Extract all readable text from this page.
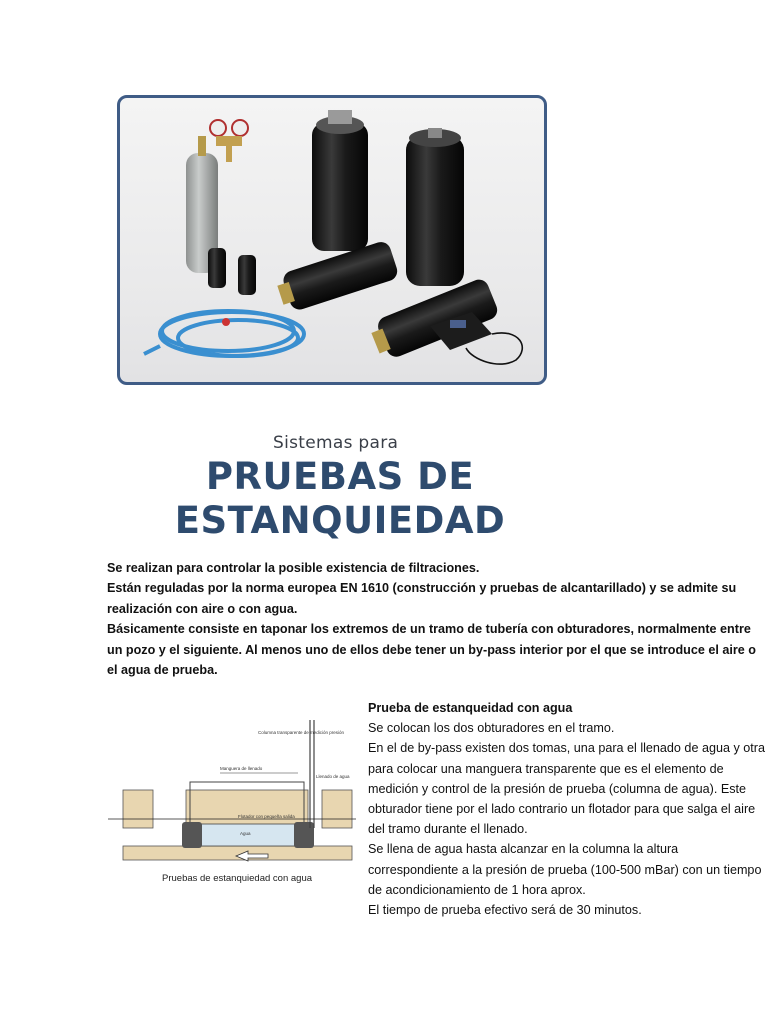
Sistemas para
PRUEBAS DE
ESTANQUIEDAD

Se realizan para controlar la posible existencia de filtraciones.

Están reguladas por la norma europea EN 1610 (construcción y pruebas de alcantarillado) y se admite su realización con aire o con agua.

Básicamente consiste en taponar los extremos de un tramo de tubería con obturadores, normalmente entre un pozo y el siguiente. Al menos uno de ellos debe tener un by-pass interior por el que se introduce el aire o el agua de prueba.

Columna transparente de medición presión
Manguera de llenado
Llenado de agua
Flotador con pequeña salida
Agua
Pruebas de estanquiedad con agua
Prueba de estanqueidad con agua

Se colocan los dos obturadores en el tramo.

En el de by-pass existen dos tomas, una para el llenado de agua y otra para colocar una manguera transparente que es el elemento de medición y control de la presión de prueba (columna de agua). Este obturador tiene por el lado contrario un flotador para que salga el aire del tramo durante el llenado.

Se llena de agua hasta alcanzar en la columna la altura correspondiente a la presión de prueba (100-500 mBar) con un tiempo de acondicionamiento de 1 hora aprox.

El tiempo de prueba efectivo será de 30 minutos.
